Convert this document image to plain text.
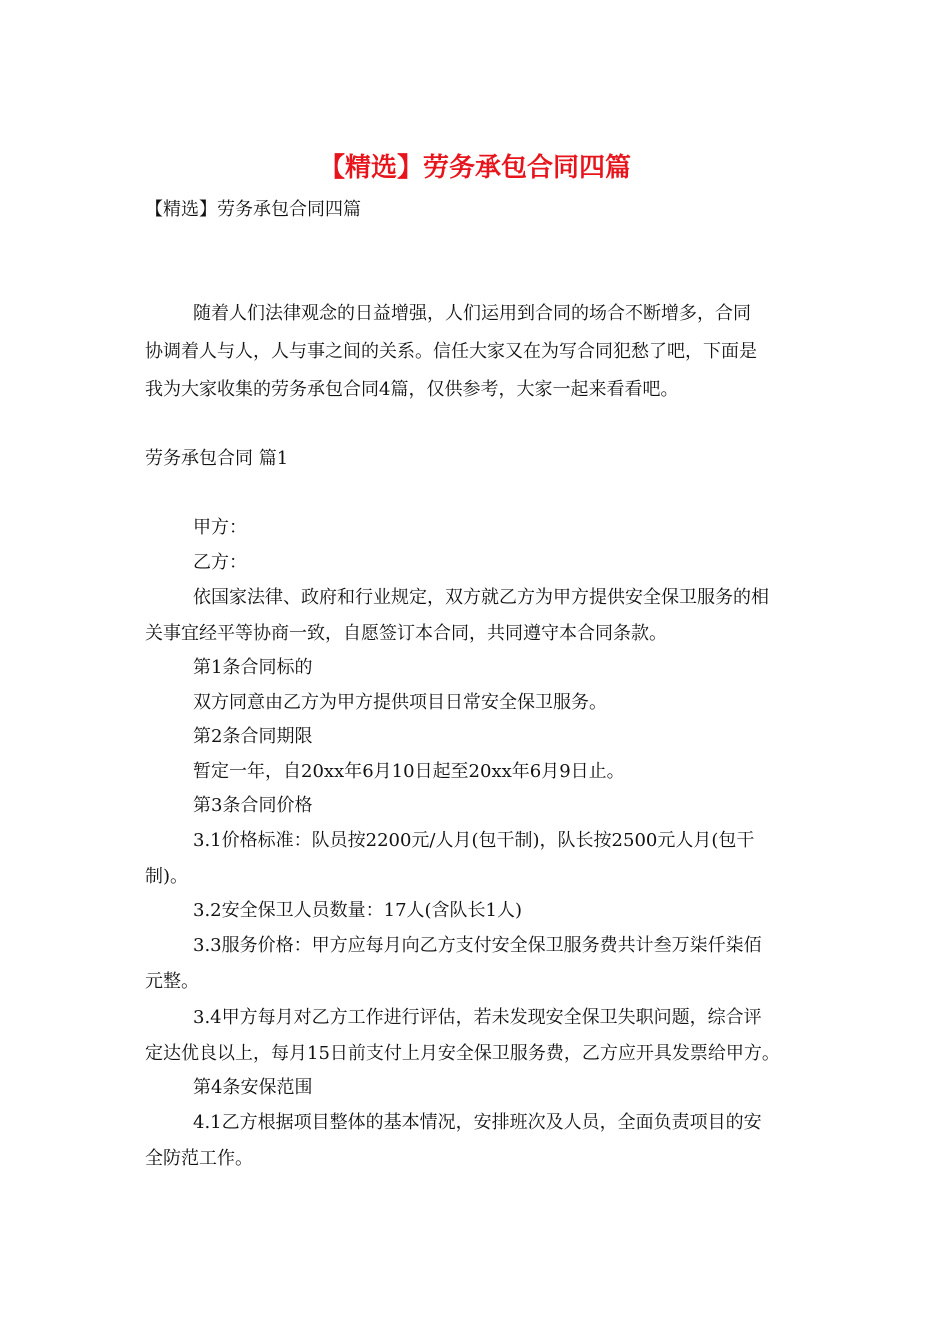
【精选】劳务承包合同四篇
【精选】劳务承包合同四篇
随着人们法律观念的日益增强，人们运用到合同的场合不断增多，合同
协调着人与人，人与事之间的关系。信任大家又在为写合同犯愁了吧，下面是
我为大家收集的劳务承包合同4篇，仅供参考，大家一起来看看吧。
劳务承包合同 篇1
甲方：
乙方：
依国家法律、政府和行业规定，双方就乙方为甲方提供安全保卫服务的相
关事宜经平等协商一致，自愿签订本合同，共同遵守本合同条款。
第1条合同标的
双方同意由乙方为甲方提供项目日常安全保卫服务。
第2条合同期限
暂定一年，自20xx年6月10日起至20xx年6月9日止。
第3条合同价格
3.1价格标准：队员按2200元/人月(包干制)，队长按2500元人月(包干
制)。
3.2安全保卫人员数量：17人(含队长1人)
3.3服务价格：甲方应每月向乙方支付安全保卫服务费共计叁万柒仟柒佰
元整。
3.4甲方每月对乙方工作进行评估，若未发现安全保卫失职问题，综合评
定达优良以上，每月15日前支付上月安全保卫服务费，乙方应开具发票给甲方。
第4条安保范围
4.1乙方根据项目整体的基本情况，安排班次及人员，全面负责项目的安
全防范工作。
